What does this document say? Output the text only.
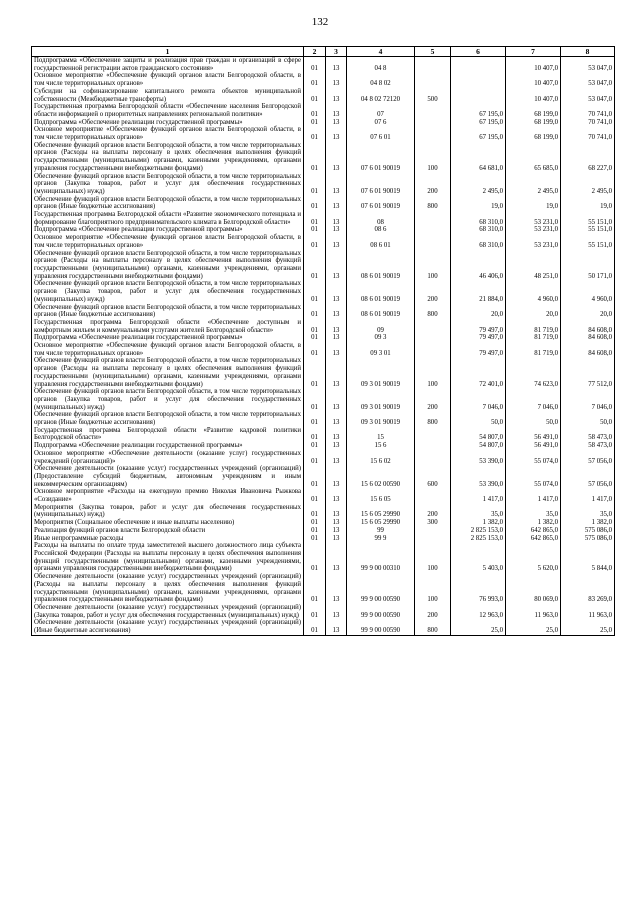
132
1	2	3	4	5	6	7	8
Подпрограмма «Обеспечение защиты и реализация прав граждан и организаций в сфере государственной регистрации актов гражданского состояния»	01	13	04 8			10 407,0	53 047,0
Основное мероприятие «Обеспечение функций органов власти Белгородской области, в том числе территориальных органов»	01	13	04 8 02			10 407,0	53 047,0
Субсидии на софинансирование капитального ремонта объектов муниципальной собственности (Межбюджетные трансферты)	01	13	04 8 02 72120	500		10 407,0	53 047,0
Государственная программа Белгородской области «Обеспечение населения Белгородской области информацией о приоритетных направлениях региональной политики»	01	13	07		67 195,0	68 199,0	70 741,0
Подпрограмма «Обеспечение реализации государственной программы»	01	13	07 6		67 195,0	68 199,0	70 741,0
Основное мероприятие «Обеспечение функций органов власти Белгородской области, в том числе территориальных органов»	01	13	07 6 01		67 195,0	68 199,0	70 741,0
Обеспечение функций органов власти Белгородской области, в том числе территориальных органов (Расходы на выплаты персоналу в целях обеспечения выполнения функций государственными (муниципальными) органами, казенными учреждениями, органами управления государственными внебюджетными фондами)	01	13	07 6 01 90019	100	64 681,0	65 685,0	68 227,0
Обеспечение функций органов власти Белгородской области, в том числе территориальных органов (Закупка товаров, работ и услуг для обеспечения государственных (муниципальных) нужд)	01	13	07 6 01 90019	200	2 495,0	2 495,0	2 495,0
Обеспечение функций органов власти Белгородской области, в том числе территориальных органов (Иные бюджетные ассигнования)	01	13	07 6 01 90019	800	19,0	19,0	19,0
Государственная программа Белгородской области «Развитие экономического потенциала и формирование благоприятного предпринимательского климата в Белгородской области»	01	13	08		68 310,0	53 231,0	55 151,0
Подпрограмма «Обеспечение реализации государственной программы»	01	13	08 6		68 310,0	53 231,0	55 151,0
Основное мероприятие «Обеспечение функций органов власти Белгородской области, в том числе территориальных органов»	01	13	08 6 01		68 310,0	53 231,0	55 151,0
Обеспечение функций органов власти Белгородской области, в том числе территориальных органов (Расходы на выплаты персоналу в целях обеспечения выполнения функций государственными (муниципальными) органами, казенными учреждениями, органами управления государственными внебюджетными фондами)	01	13	08 6 01 90019	100	46 406,0	48 251,0	50 171,0
Обеспечение функций органов власти Белгородской области, в том числе территориальных органов (Закупка товаров, работ и услуг для обеспечения государственных (муниципальных) нужд)	01	13	08 6 01 90019	200	21 884,0	4 960,0	4 960,0
Обеспечение функций органов власти Белгородской области, в том числе территориальных органов (Иные бюджетные ассигнования)	01	13	08 6 01 90019	800	20,0	20,0	20,0
Государственная программа Белгородской области «Обеспечение доступным и комфортным жильем и коммунальными услугами жителей Белгородской области»	01	13	09		79 497,0	81 719,0	84 608,0
Подпрограмма «Обеспечение реализации государственной программы»	01	13	09 3		79 497,0	81 719,0	84 608,0
Основное мероприятие «Обеспечение функций органов власти Белгородской области, в том числе территориальных органов»	01	13	09 3 01		79 497,0	81 719,0	84 608,0
Обеспечение функций органов власти Белгородской области, в том числе территориальных органов (Расходы на выплаты персоналу в целях обеспечения выполнения функций государственными (муниципальными) органами, казенными учреждениями, органами управления государственными внебюджетными фондами)	01	13	09 3 01 90019	100	72 401,0	74 623,0	77 512,0
Обеспечение функций органов власти Белгородской области, в том числе территориальных органов (Закупка товаров, работ и услуг для обеспечения государственных (муниципальных) нужд)	01	13	09 3 01 90019	200	7 046,0	7 046,0	7 046,0
Обеспечение функций органов власти Белгородской области, в том числе территориальных органов (Иные бюджетные ассигнования)	01	13	09 3 01 90019	800	50,0	50,0	50,0
Государственная программа Белгородской области «Развитие кадровой политики Белгородской области»	01	13	15		54 807,0	56 491,0	58 473,0
Подпрограмма «Обеспечение реализации государственной программы»	01	13	15 6		54 807,0	56 491,0	58 473,0
Основное мероприятие «Обеспечение деятельности (оказание услуг) государственных учреждений (организаций)»	01	13	15 6 02		53 390,0	55 074,0	57 056,0
Обеспечение деятельности (оказание услуг) государственных учреждений (организаций) (Предоставление субсидий бюджетным, автономным учреждениям и иным некоммерческим организациям)	01	13	15 6 02 00590	600	53 390,0	55 074,0	57 056,0
Основное мероприятие «Расходы на ежегодную премию Николая Ивановича Рыжкова «Созидание»	01	13	15 6 05		1 417,0	1 417,0	1 417,0
Мероприятия (Закупка товаров, работ и услуг для обеспечения государственных (муниципальных) нужд)	01	13	15 6 05 29990	200	35,0	35,0	35,0
Мероприятия (Социальное обеспечение и иные выплаты населению)	01	13	15 6 05 29990	300	1 382,0	1 382,0	1 382,0
Реализация функций органов власти Белгородской области	01	13	99		2 825 153,0	642 865,0	575 086,0
Иные непрограммные расходы	01	13	99 9		2 825 153,0	642 865,0	575 086,0
Расходы на выплаты по оплате труда заместителей высшего должностного лица субъекта Российской Федерации (Расходы на выплаты персоналу в целях обеспечения выполнения функций государственными (муниципальными) органами, казенными учреждениями, органами управления государственными внебюджетными фондами)	01	13	99 9 00 00310	100	5 403,0	5 620,0	5 844,0
Обеспечение деятельности (оказание услуг) государственных учреждений (организаций) (Расходы на выплаты персоналу в целях обеспечения выполнения функций государственными (муниципальными) органами, казенными учреждениями, органами управления государственными внебюджетными фондами)	01	13	99 9 00 00590	100	76 993,0	80 069,0	83 269,0
Обеспечение деятельности (оказание услуг) государственных учреждений (организаций) (Закупка товаров, работ и услуг для обеспечения государственных (муниципальных) нужд)	01	13	99 9 00 00590	200	12 963,0	11 963,0	11 963,0
Обеспечение деятельности (оказание услуг) государственных учреждений (организаций) (Иные бюджетные ассигнования)	01	13	99 9 00 00590	800	25,0	25,0	25,0
